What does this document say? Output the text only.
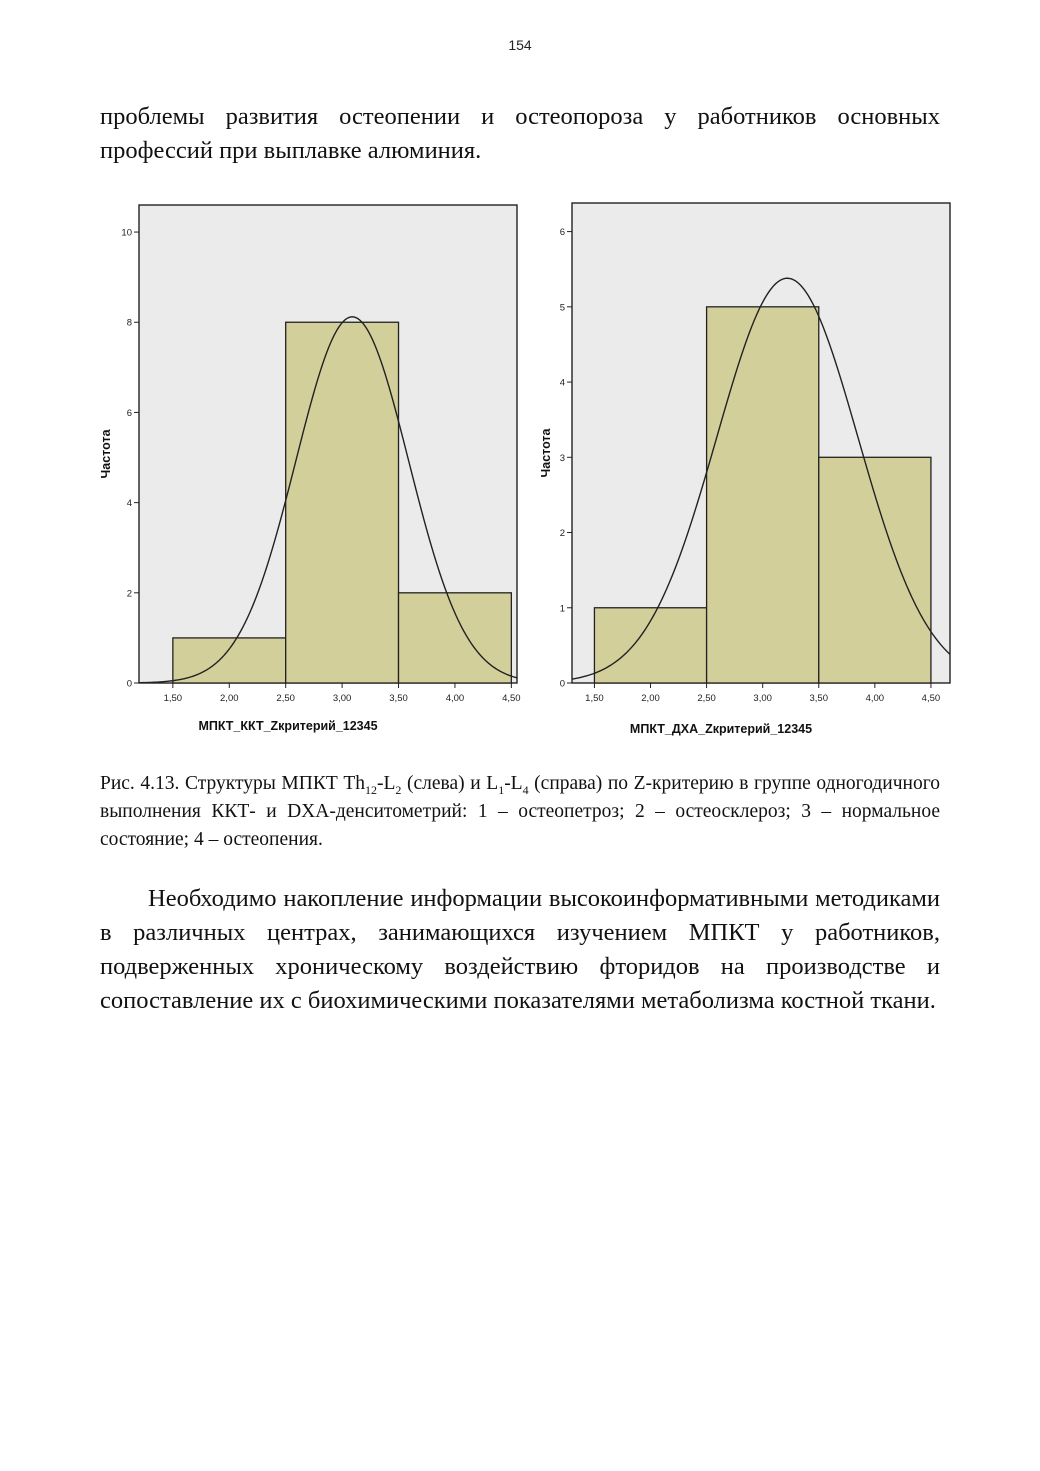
154

проблемы развития остеопении и остеопороза у работников основных профессий при выплавке алюминия.

0
2
4
6
8
10
1,50	2,00	2,50	3,00	3,50	4,00	4,50
МПКТ_ККТ_Zкритерий_12345
Частота
0
1
2
3
4
5
6
1,50	2,00	2,50	3,00	3,50	4,00	4,50
МПКТ_ДХА_Zкритерий_12345
Частота

Рис. 4.13. Структуры МПКТ $Th_{12}-L_2$ (слева) и $L_1-L_4$ (справа) по Z-критерию в группе одногодичного выполнения ККТ- и DXA-денситометрий: 1 – остеопетроз; 2 – остеосклероз; 3 – нормальное состояние; 4 – остеопения.

Необходимо накопление информации высокоинформативными методиками в различных центрах, занимающихся изучением МПКТ у работников, подверженных хроническому воздействию фторидов на производстве и сопоставление их с биохимическими показателями метаболизма костной ткани.
